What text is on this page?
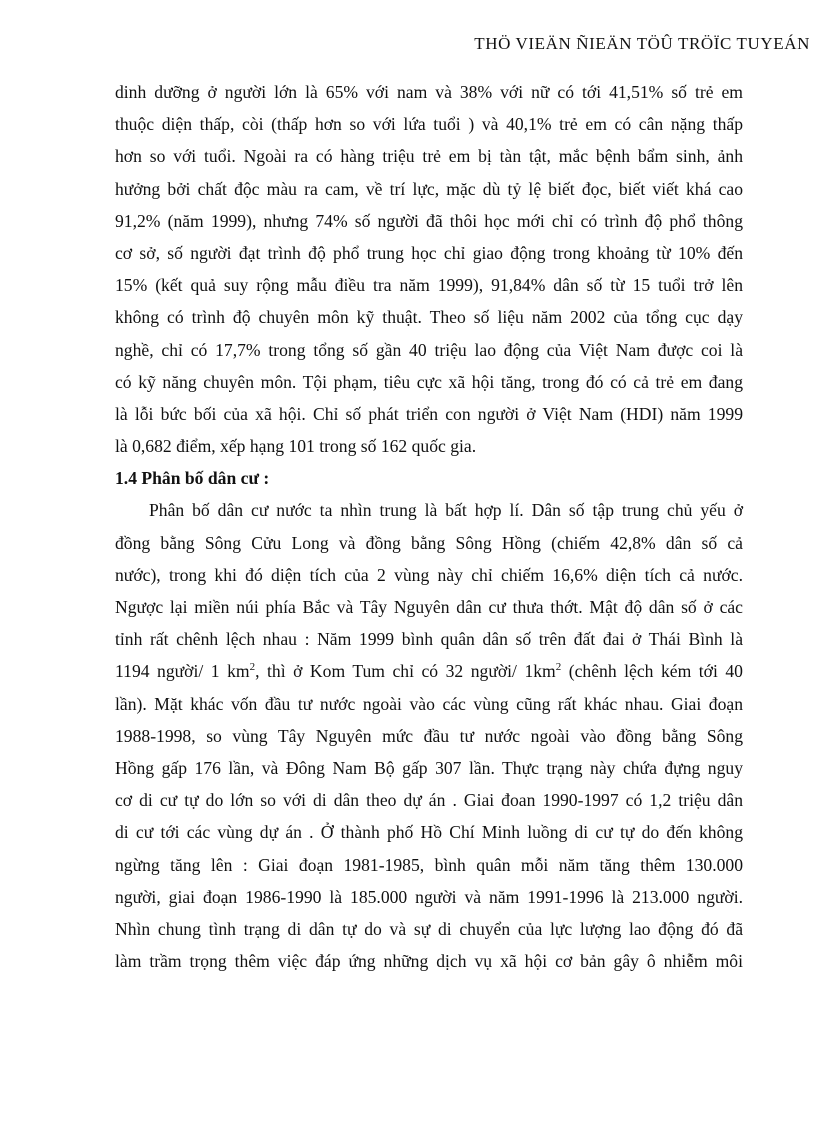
THÖ VIEÄN ÑIEÄN TÖÛ TRÖÏC TUYEÁN
dinh dưỡng ở người lớn là 65% với nam và 38% với nữ có tới 41,51% số trẻ em
thuộc diện thấp, còi (thấp hơn so với lứa tuổi ) và 40,1% trẻ em có cân nặng thấp
hơn so với tuổi. Ngoài ra có hàng triệu trẻ em bị tàn tật, mắc bệnh bẩm sinh, ảnh
hưởng bởi chất độc màu ra cam, về trí lực, mặc dù tỷ lệ biết đọc, biết viết khá cao
91,2% (năm 1999), nhưng 74% số người đã thôi học mới chỉ có trình độ phổ thông
cơ sở, số người đạt trình độ phổ trung học chỉ giao động trong khoảng từ 10% đến
15% (kết quả suy rộng mẫu điều tra năm 1999), 91,84% dân số từ 15 tuổi trở lên
không có trình độ chuyên môn kỹ thuật. Theo số liệu năm 2002 của tổng cục dạy
nghề, chỉ có 17,7% trong tổng số gần 40 triệu lao động của Việt Nam được coi là
có kỹ năng chuyên môn. Tội phạm, tiêu cực xã hội tăng, trong đó có cả trẻ em đang
là lỗi bức bối của xã hội. Chỉ số phát triển con người ở Việt Nam (HDI) năm 1999
là 0,682 điểm, xếp hạng 101 trong số 162 quốc gia.
1.4 Phân bố dân cư :
Phân bố dân cư nước ta nhìn trung là bất hợp lí. Dân số tập trung chủ yếu ở
đồng bằng Sông Cửu Long và đồng bằng Sông Hồng (chiếm 42,8% dân số cả
nước), trong khi đó diện tích của 2 vùng này chỉ chiếm 16,6% diện tích cả nước.
Ngược lại miền núi phía Bắc và Tây Nguyên dân cư thưa thớt. Mật độ dân số ở các
tỉnh rất chênh lệch nhau : Năm 1999 bình quân dân số trên đất đai ở Thái Bình là
1194 người/ 1 $km^2$, thì ở Kom Tum chỉ có 32 người/ $1km^2$ (chênh lệch kém tới 40
lần). Mặt khác vốn đầu tư nước ngoài vào các vùng cũng rất khác nhau. Giai đoạn
1988-1998, so vùng Tây Nguyên mức đầu tư nước ngoài vào đồng bằng Sông
Hồng gấp 176 lần, và Đông Nam Bộ gấp 307 lần. Thực trạng này chứa đựng nguy
cơ di cư tự do lớn so với di dân theo dự án . Giai đoan 1990-1997 có 1,2 triệu dân
di cư tới các vùng dự án . Ở thành phố Hồ Chí Minh luồng di cư tự do đến không
ngừng tăng lên : Giai đoạn 1981-1985, bình quân mỗi năm tăng thêm 130.000
người, giai đoạn 1986-1990 là 185.000 người và năm 1991-1996 là 213.000 người.
Nhìn chung tình trạng di dân tự do và sự di chuyển của lực lượng lao động đó đã
làm trầm trọng thêm việc đáp ứng những dịch vụ xã hội cơ bản gây ô nhiễm môi
